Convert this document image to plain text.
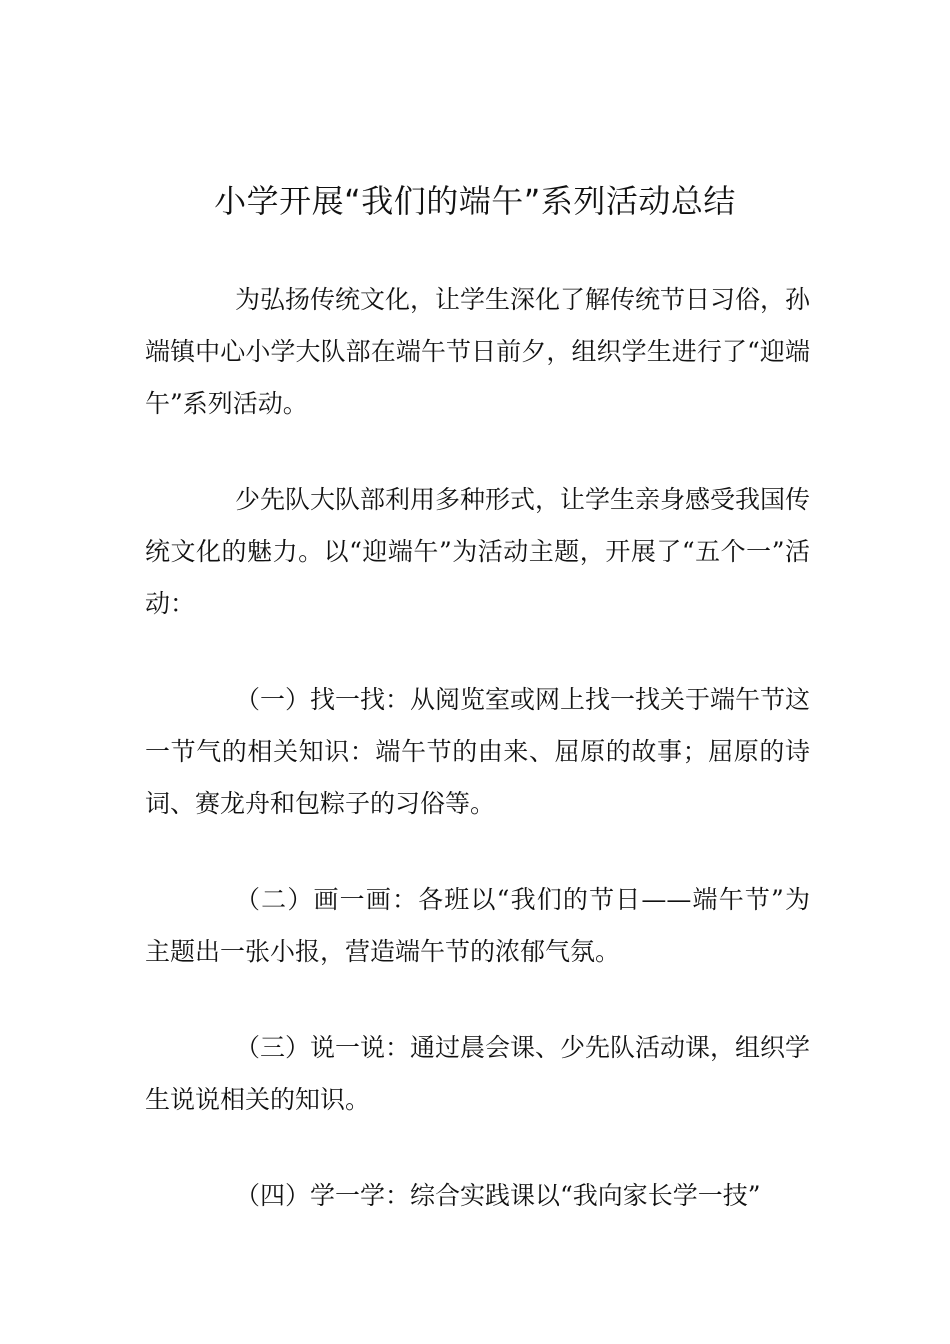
小学开展“我们的端午”系列活动总结

为弘扬传统文化，让学生深化了解传统节日习俗，孙端镇中心小学大队部在端午节日前夕，组织学生进行了“迎端午”系列活动。

少先队大队部利用多种形式，让学生亲身感受我国传统文化的魅力。以“迎端午”为活动主题，开展了“五个一”活动：

（一）找一找：从阅览室或网上找一找关于端午节这一节气的相关知识：端午节的由来、屈原的故事；屈原的诗词、赛龙舟和包粽子的习俗等。

（二）画一画：各班以“我们的节日——端午节”为主题出一张小报，营造端午节的浓郁气氛。

（三）说一说：通过晨会课、少先队活动课，组织学生说说相关的知识。

（四）学一学：综合实践课以“我向家长学一技”
